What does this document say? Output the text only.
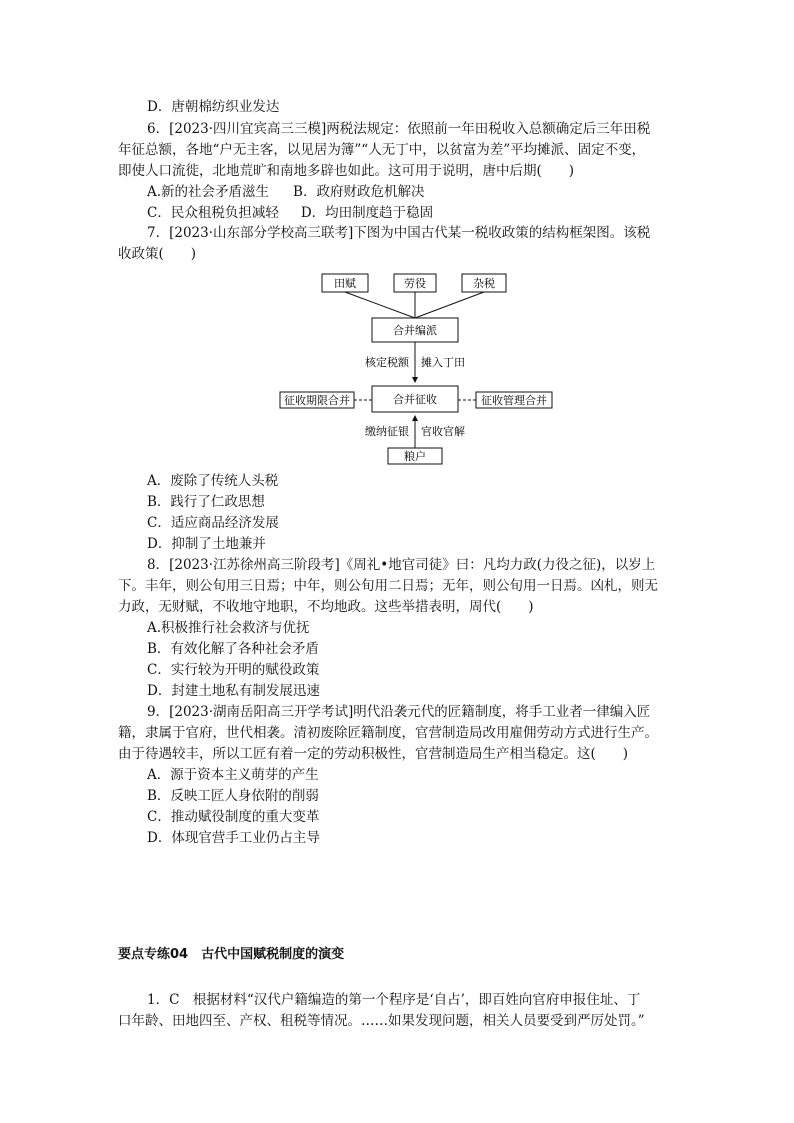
D．唐朝棉纺织业发达
6．[2023·四川宜宾高三三模]两税法规定：依照前一年田税收入总额确定后三年田税
年征总额，各地“户无主客，以见居为簿”“人无丁中，以贫富为差”平均摊派、固定不变，
即使人口流徙，北地荒旷和南地多辟也如此。这可用于说明，唐中后期(　　)
A.新的社会矛盾滋生 B．政府财政危机解决
C．民众租税负担减轻 D．均田制度趋于稳固
7．[2023·山东部分学校高三联考]下图为中国古代某一税收政策的结构框架图。该税
收政策(　　)
田赋	劳役	杂税
合并编派
核定税额 摊入丁田
合并征收
征收期限合并	征收管理合并
缴纳征银 官收官解
粮户
A．废除了传统人头税
B．践行了仁政思想
C．适应商品经济发展
D．抑制了土地兼并
8．[2023·江苏徐州高三阶段考]《周礼•地官司徒》曰：凡均力政(力役之征)，以岁上
下。丰年，则公旬用三日焉；中年，则公旬用二日焉；无年，则公旬用一日焉。凶札，则无
力政，无财赋，不收地守地职，不均地政。这些举措表明，周代(　　)
A.积极推行社会救济与优抚
B．有效化解了各种社会矛盾
C．实行较为开明的赋役政策
D．封建土地私有制发展迅速
9．[2023·湖南岳阳高三开学考试]明代沿袭元代的匠籍制度，将手工业者一律编入匠
籍，隶属于官府，世代相袭。清初废除匠籍制度，官营制造局改用雇佣劳动方式进行生产。
由于待遇较丰，所以工匠有着一定的劳动积极性，官营制造局生产相当稳定。这(　　)
A．源于资本主义萌芽的产生
B．反映工匠人身依附的削弱
C．推动赋役制度的重大变革
D．体现官营手工业仍占主导
要点专练04　古代中国赋税制度的演变
1．C　根据材料“汉代户籍编造的第一个程序是‘自占’，即百姓向官府申报住址、丁
口年龄、田地四至、产权、租税等情况。……如果发现问题，相关人员要受到严厉处罚。”
